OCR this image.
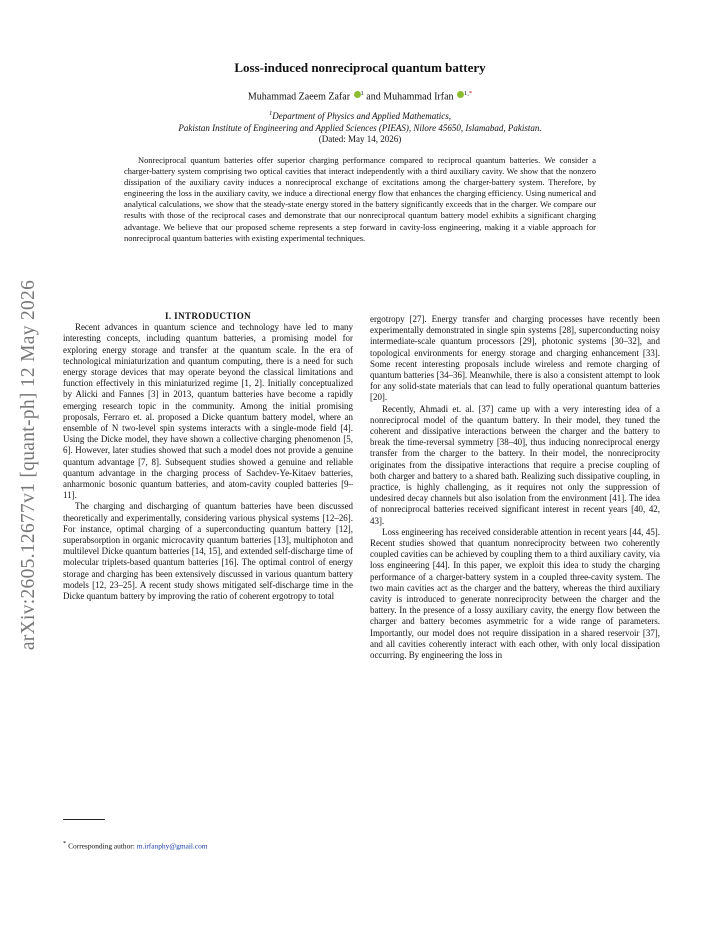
arXiv:2605.12677v1 [quant-ph] 12 May 2026
Loss-induced nonreciprocal quantum battery
Muhammad Zaeem Zafar $^1$ and Muhammad Irfan $^{1,*}$
$^1$Department of Physics and Applied Mathematics,
Pakistan Institute of Engineering and Applied Sciences (PIEAS), Nilore 45650, Islamabad, Pakistan.
(Dated: May 14, 2026)

Nonreciprocal quantum batteries offer superior charging performance compared to reciprocal quantum batteries. We consider a charger-battery system comprising two optical cavities that interact independently with a third auxiliary cavity. We show that the nonzero dissipation of the auxiliary cavity induces a nonreciprocal exchange of excitations among the charger-battery system. Therefore, by engineering the loss in the auxiliary cavity, we induce a directional energy flow that enhances the charging efficiency. Using numerical and analytical calculations, we show that the steady-state energy stored in the battery significantly exceeds that in the charger. We compare our results with those of the reciprocal cases and demonstrate that our nonreciprocal quantum battery model exhibits a significant charging advantage. We believe that our proposed scheme represents a step forward in cavity-loss engineering, making it a viable approach for nonreciprocal quantum batteries with existing experimental techniques.

I. INTRODUCTION

Recent advances in quantum science and technology have led to many interesting concepts, including quantum batteries, a promising model for exploring energy storage and transfer at the quantum scale. In the era of technological miniaturization and quantum computing, there is a need for such energy storage devices that may operate beyond the classical limitations and function effectively in this miniaturized regime [1, 2]. Initially conceptualized by Alicki and Fannes [3] in 2013, quantum batteries have become a rapidly emerging research topic in the community. Among the initial promising proposals, Ferraro et. al. proposed a Dicke quantum battery model, where an ensemble of N two-level spin systems interacts with a single-mode field [4]. Using the Dicke model, they have shown a collective charging phenomenon [5, 6]. However, later studies showed that such a model does not provide a genuine quantum advantage [7, 8]. Subsequent studies showed a genuine and reliable quantum advantage in the charging process of Sachdev-Ye-Kitaev batteries, anharmonic bosonic quantum batteries, and atom-cavity coupled batteries [9–11].

The charging and discharging of quantum batteries have been discussed theoretically and experimentally, considering various physical systems [12–26]. For instance, optimal charging of a superconducting quantum battery [12], superabsorption in organic microcavity quantum batteries [13], multiphoton and multilevel Dicke quantum batteries [14, 15], and extended self-discharge time of molecular triplets-based quantum batteries [16]. The optimal control of energy storage and charging has been extensively discussed in various quantum battery models [12, 23–25]. A recent study shows mitigated self-discharge time in the Dicke quantum battery by improving the ratio of coherent ergotropy to total

ergotropy [27]. Energy transfer and charging processes have recently been experimentally demonstrated in single spin systems [28], superconducting noisy intermediate-scale quantum processors [29], photonic systems [30–32], and topological environments for energy storage and charging enhancement [33]. Some recent interesting proposals include wireless and remote charging of quantum batteries [34–36]. Meanwhile, there is also a consistent attempt to look for any solid-state materials that can lead to fully operational quantum batteries [20].

Recently, Ahmadi et. al. [37] came up with a very interesting idea of a nonreciprocal model of the quantum battery. In their model, they tuned the coherent and dissipative interactions between the charger and the battery to break the time-reversal symmetry [38–40], thus inducing nonreciprocal energy transfer from the charger to the battery. In their model, the nonreciprocity originates from the dissipative interactions that require a precise coupling of both charger and battery to a shared bath. Realizing such dissipative coupling, in practice, is highly challenging, as it requires not only the suppression of undesired decay channels but also isolation from the environment [41]. The idea of nonreciprocal batteries received significant interest in recent years [40, 42, 43].

Loss engineering has received considerable attention in recent years [44, 45]. Recent studies showed that quantum nonreciprocity between two coherently coupled cavities can be achieved by coupling them to a third auxiliary cavity, via loss engineering [44]. In this paper, we exploit this idea to study the charging performance of a charger-battery system in a coupled three-cavity system. The two main cavities act as the charger and the battery, whereas the third auxiliary cavity is introduced to generate nonreciprocity between the charger and the battery. In the presence of a lossy auxiliary cavity, the energy flow between the charger and battery becomes asymmetric for a wide range of parameters. Importantly, our model does not require dissipation in a shared reservoir [37], and all cavities coherently interact with each other, with only local dissipation occurring. By engineering the loss in

* Corresponding author: m.irfanphy@gmail.com
